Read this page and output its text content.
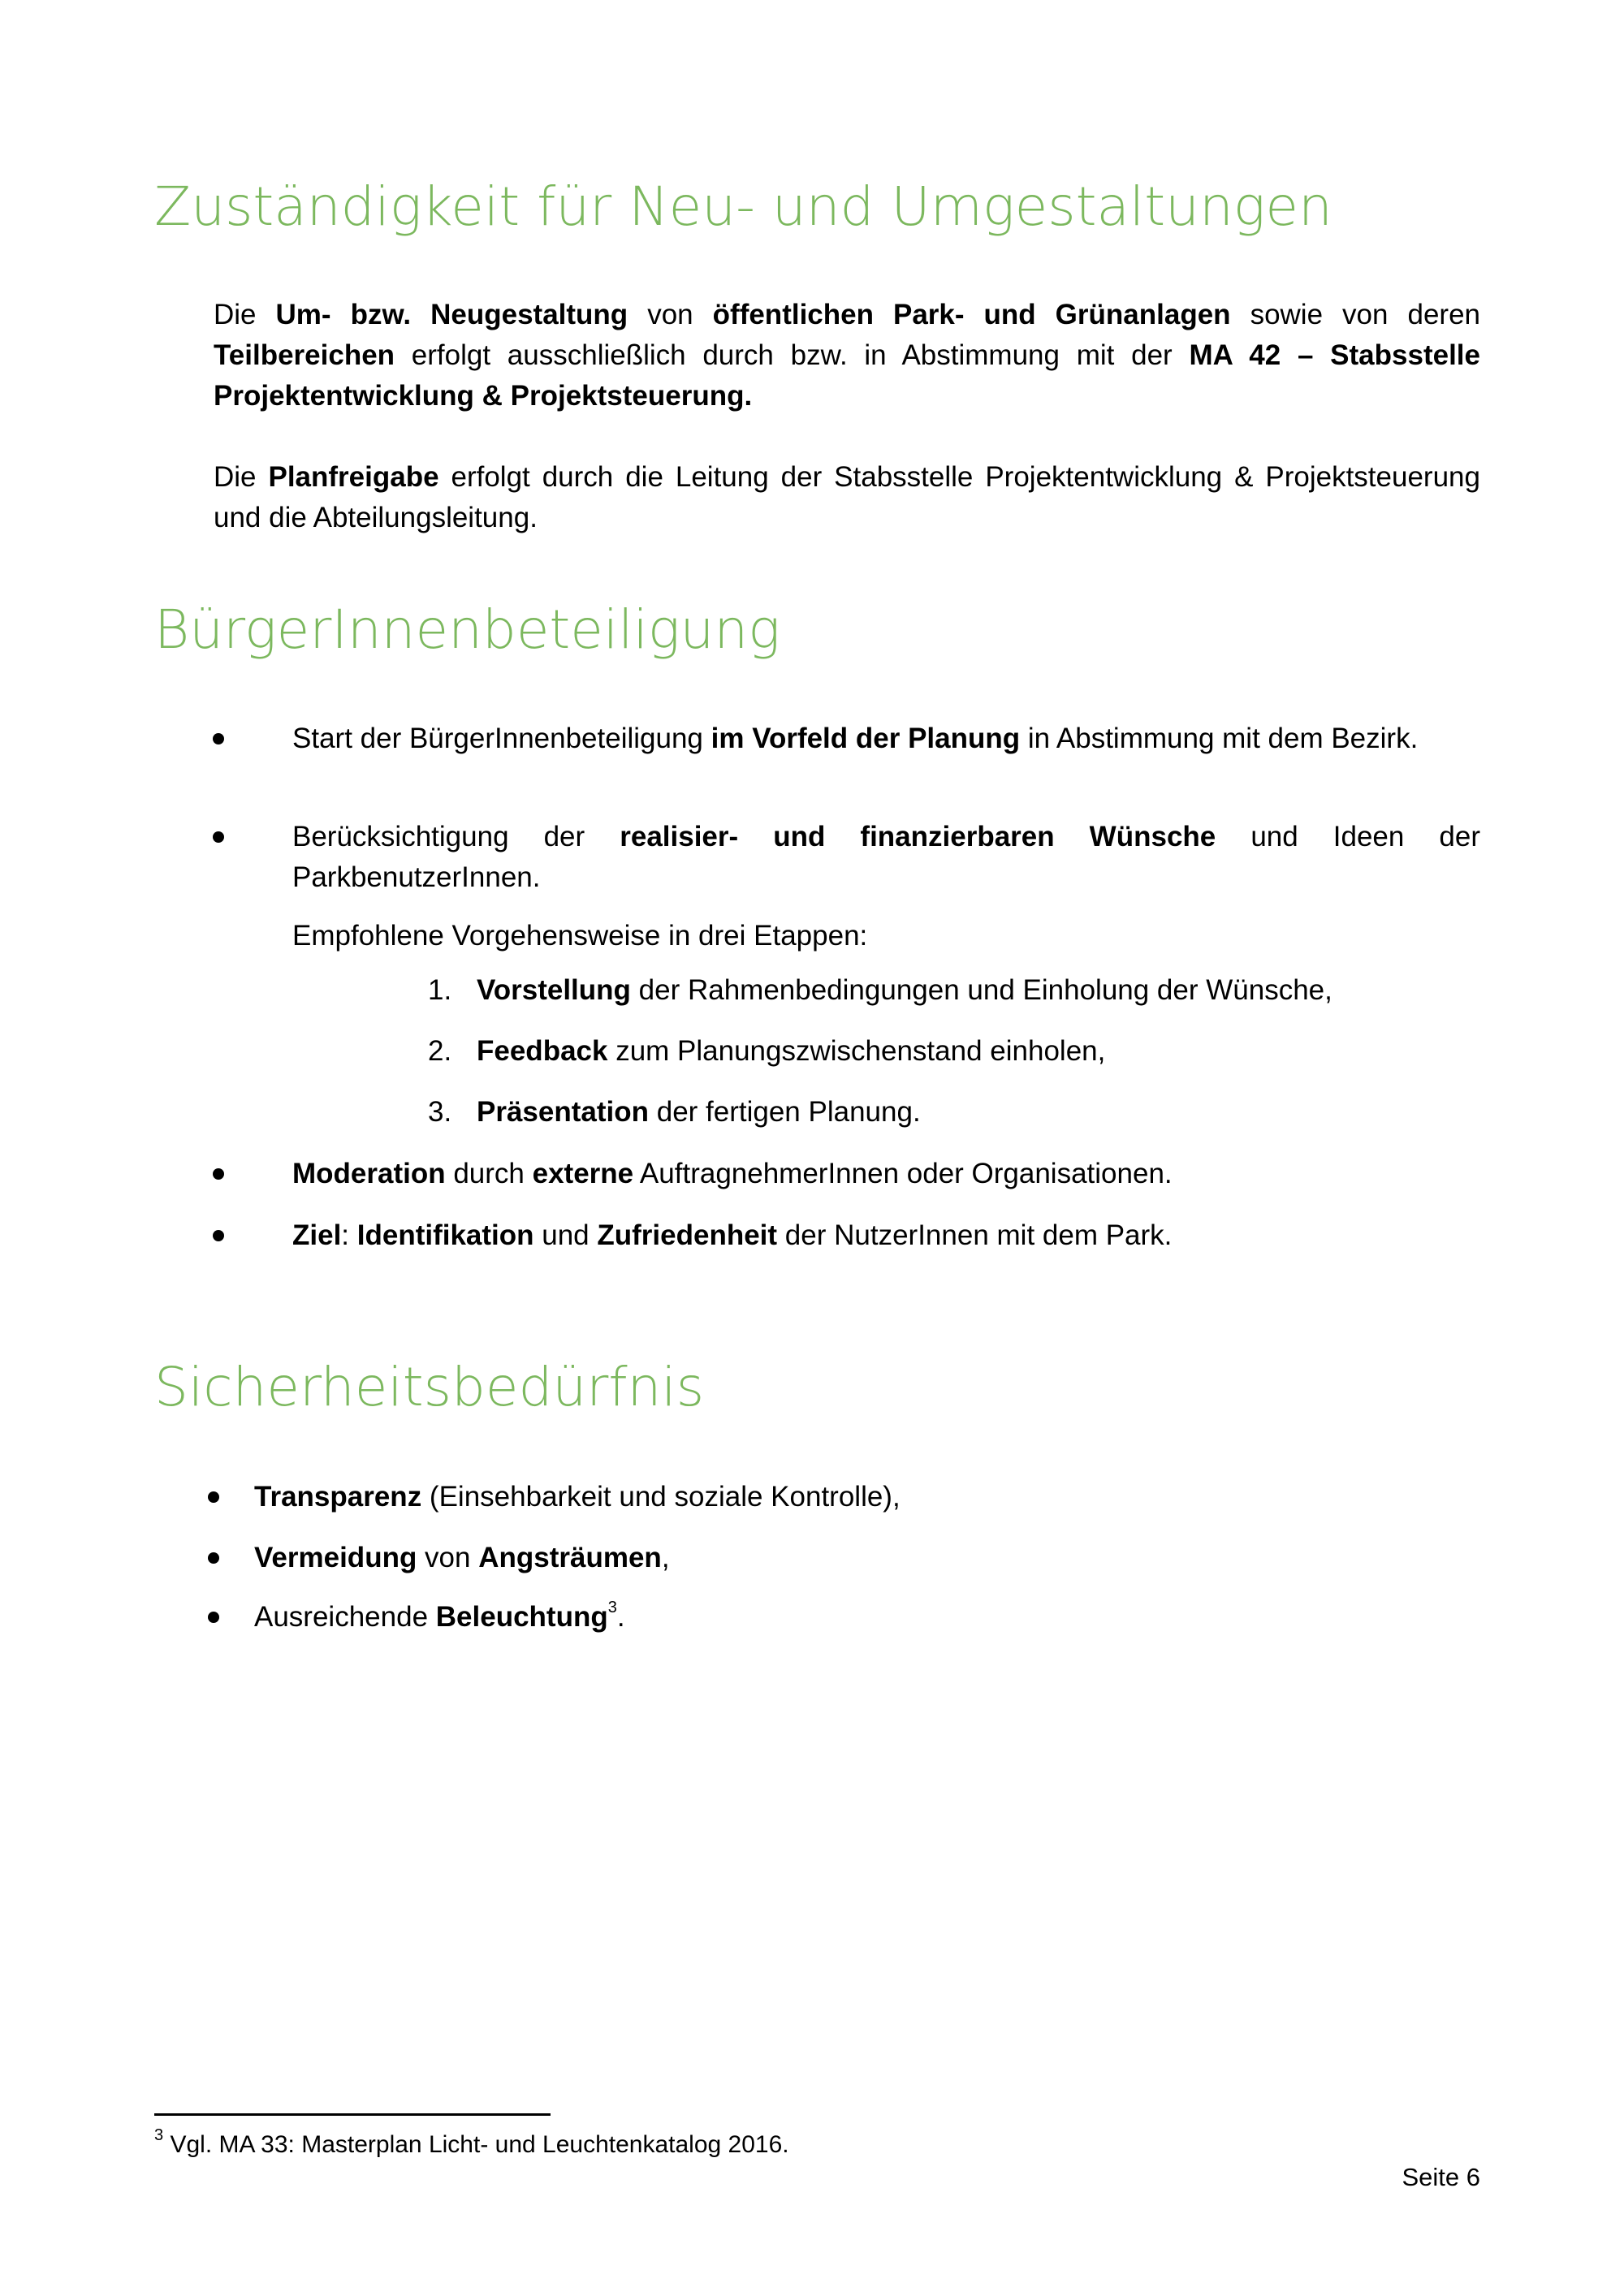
Zuständigkeit für Neu- und Umgestaltungen

Die Um- bzw. Neugestaltung von öffentlichen Park- und Grünanlagen sowie von deren Teilbereichen erfolgt ausschließlich durch bzw. in Abstimmung mit der MA 42 – Stabsstelle Projektentwicklung & Projektsteuerung.

Die Planfreigabe erfolgt durch die Leitung der Stabsstelle Projektentwicklung & Projektsteuerung und die Abteilungsleitung.

BürgerInnenbeteiligung
Start der BürgerInnenbeteiligung im Vorfeld der Planung in Abstimmung mit dem Bezirk.
Berücksichtigung der realisier- und finanzierbaren Wünsche und Ideen der ParkbenutzerInnen.
Empfohlene Vorgehensweise in drei Etappen:
1. Vorstellung der Rahmenbedingungen und Einholung der Wünsche,
2. Feedback zum Planungszwischenstand einholen,
3. Präsentation der fertigen Planung.
Moderation durch externe AuftragnehmerInnen oder Organisationen.
Ziel: Identifikation und Zufriedenheit der NutzerInnen mit dem Park.
Sicherheitsbedürfnis
Transparenz (Einsehbarkeit und soziale Kontrolle),
Vermeidung von Angsträumen,
Ausreichende Beleuchtung$^3$.
$^3$ Vgl. MA 33: Masterplan Licht- und Leuchtenkatalog 2016.
Seite 6
